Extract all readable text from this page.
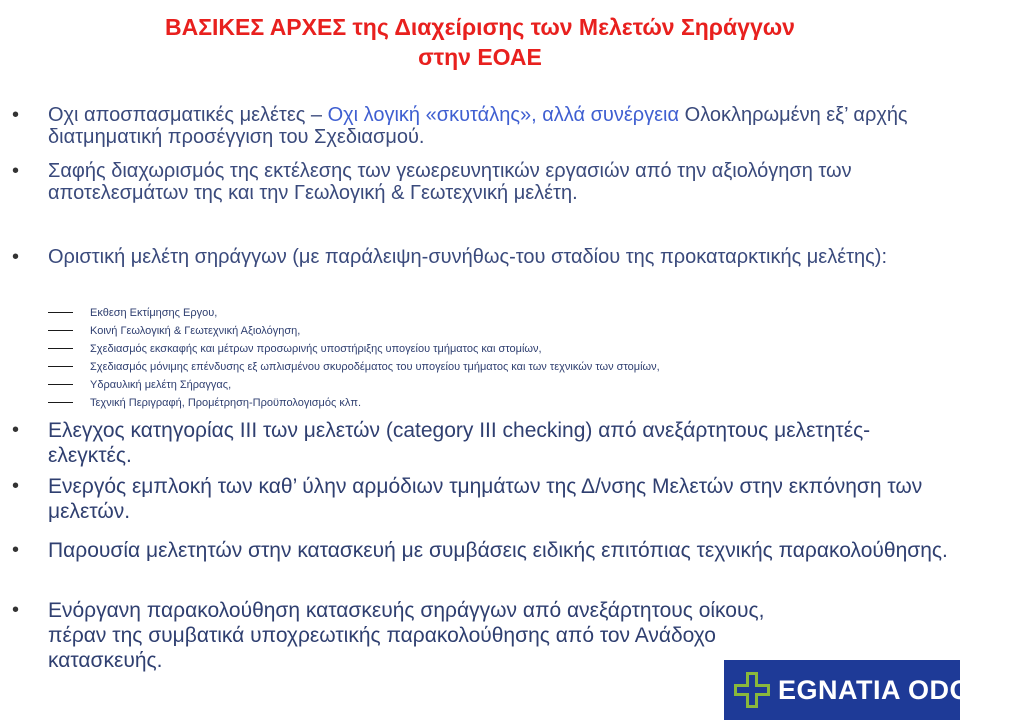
ΒΑΣΙΚΕΣ ΑΡΧΕΣ της Διαχείρισης των Μελετών Σηράγγων
στην ΕΟΑΕ

• Οχι αποσπασματικές μελέτες – Οχι λογική «σκυτάλης», αλλά συνέργεια Ολοκληρωμένη εξ’ αρχής διατμηματική προσέγγιση του Σχεδιασμού.

• Σαφής διαχωρισμός της εκτέλεσης των γεωερευνητικών εργασιών από την αξιολόγηση των αποτελεσμάτων της και την Γεωλογική & Γεωτεχνική μελέτη.

• Οριστική μελέτη σηράγγων (με παράλειψη-συνήθως-του σταδίου της προκαταρκτικής μελέτης):

Εκθεση Εκτίμησης Εργου,
Κοινή Γεωλογική & Γεωτεχνική Αξιολόγηση,
Σχεδιασμός εκσκαφής και μέτρων προσωρινής υποστήριξης υπογείου τμήματος και στομίων,
Σχεδιασμός μόνιμης επένδυσης εξ ωπλισμένου σκυροδέματος του υπογείου τμήματος και των τεχνικών των στομίων,
Υδραυλική μελέτη Σήραγγας,
Τεχνική Περιγραφή, Προμέτρηση-Προϋπολογισμός κλπ.

• Ελεγχος κατηγορίας ΙΙΙ των μελετών (category III checking) από ανεξάρτητους μελετητές-ελεγκτές.

• Ενεργός εμπλοκή των καθ’ ύλην αρμόδιων τμημάτων της Δ/νσης Μελετών στην εκπόνηση των μελετών.

• Παρουσία μελετητών στην κατασκευή με συμβάσεις ειδικής επιτόπιας τεχνικής παρακολούθησης.

• Ενόργανη παρακολούθηση κατασκευής σηράγγων από ανεξάρτητους οίκους, πέραν της συμβατικά υποχρεωτικής παρακολούθησης από τον Ανάδοχο κατασκευής.

EGNATIA ODOSA.E.
